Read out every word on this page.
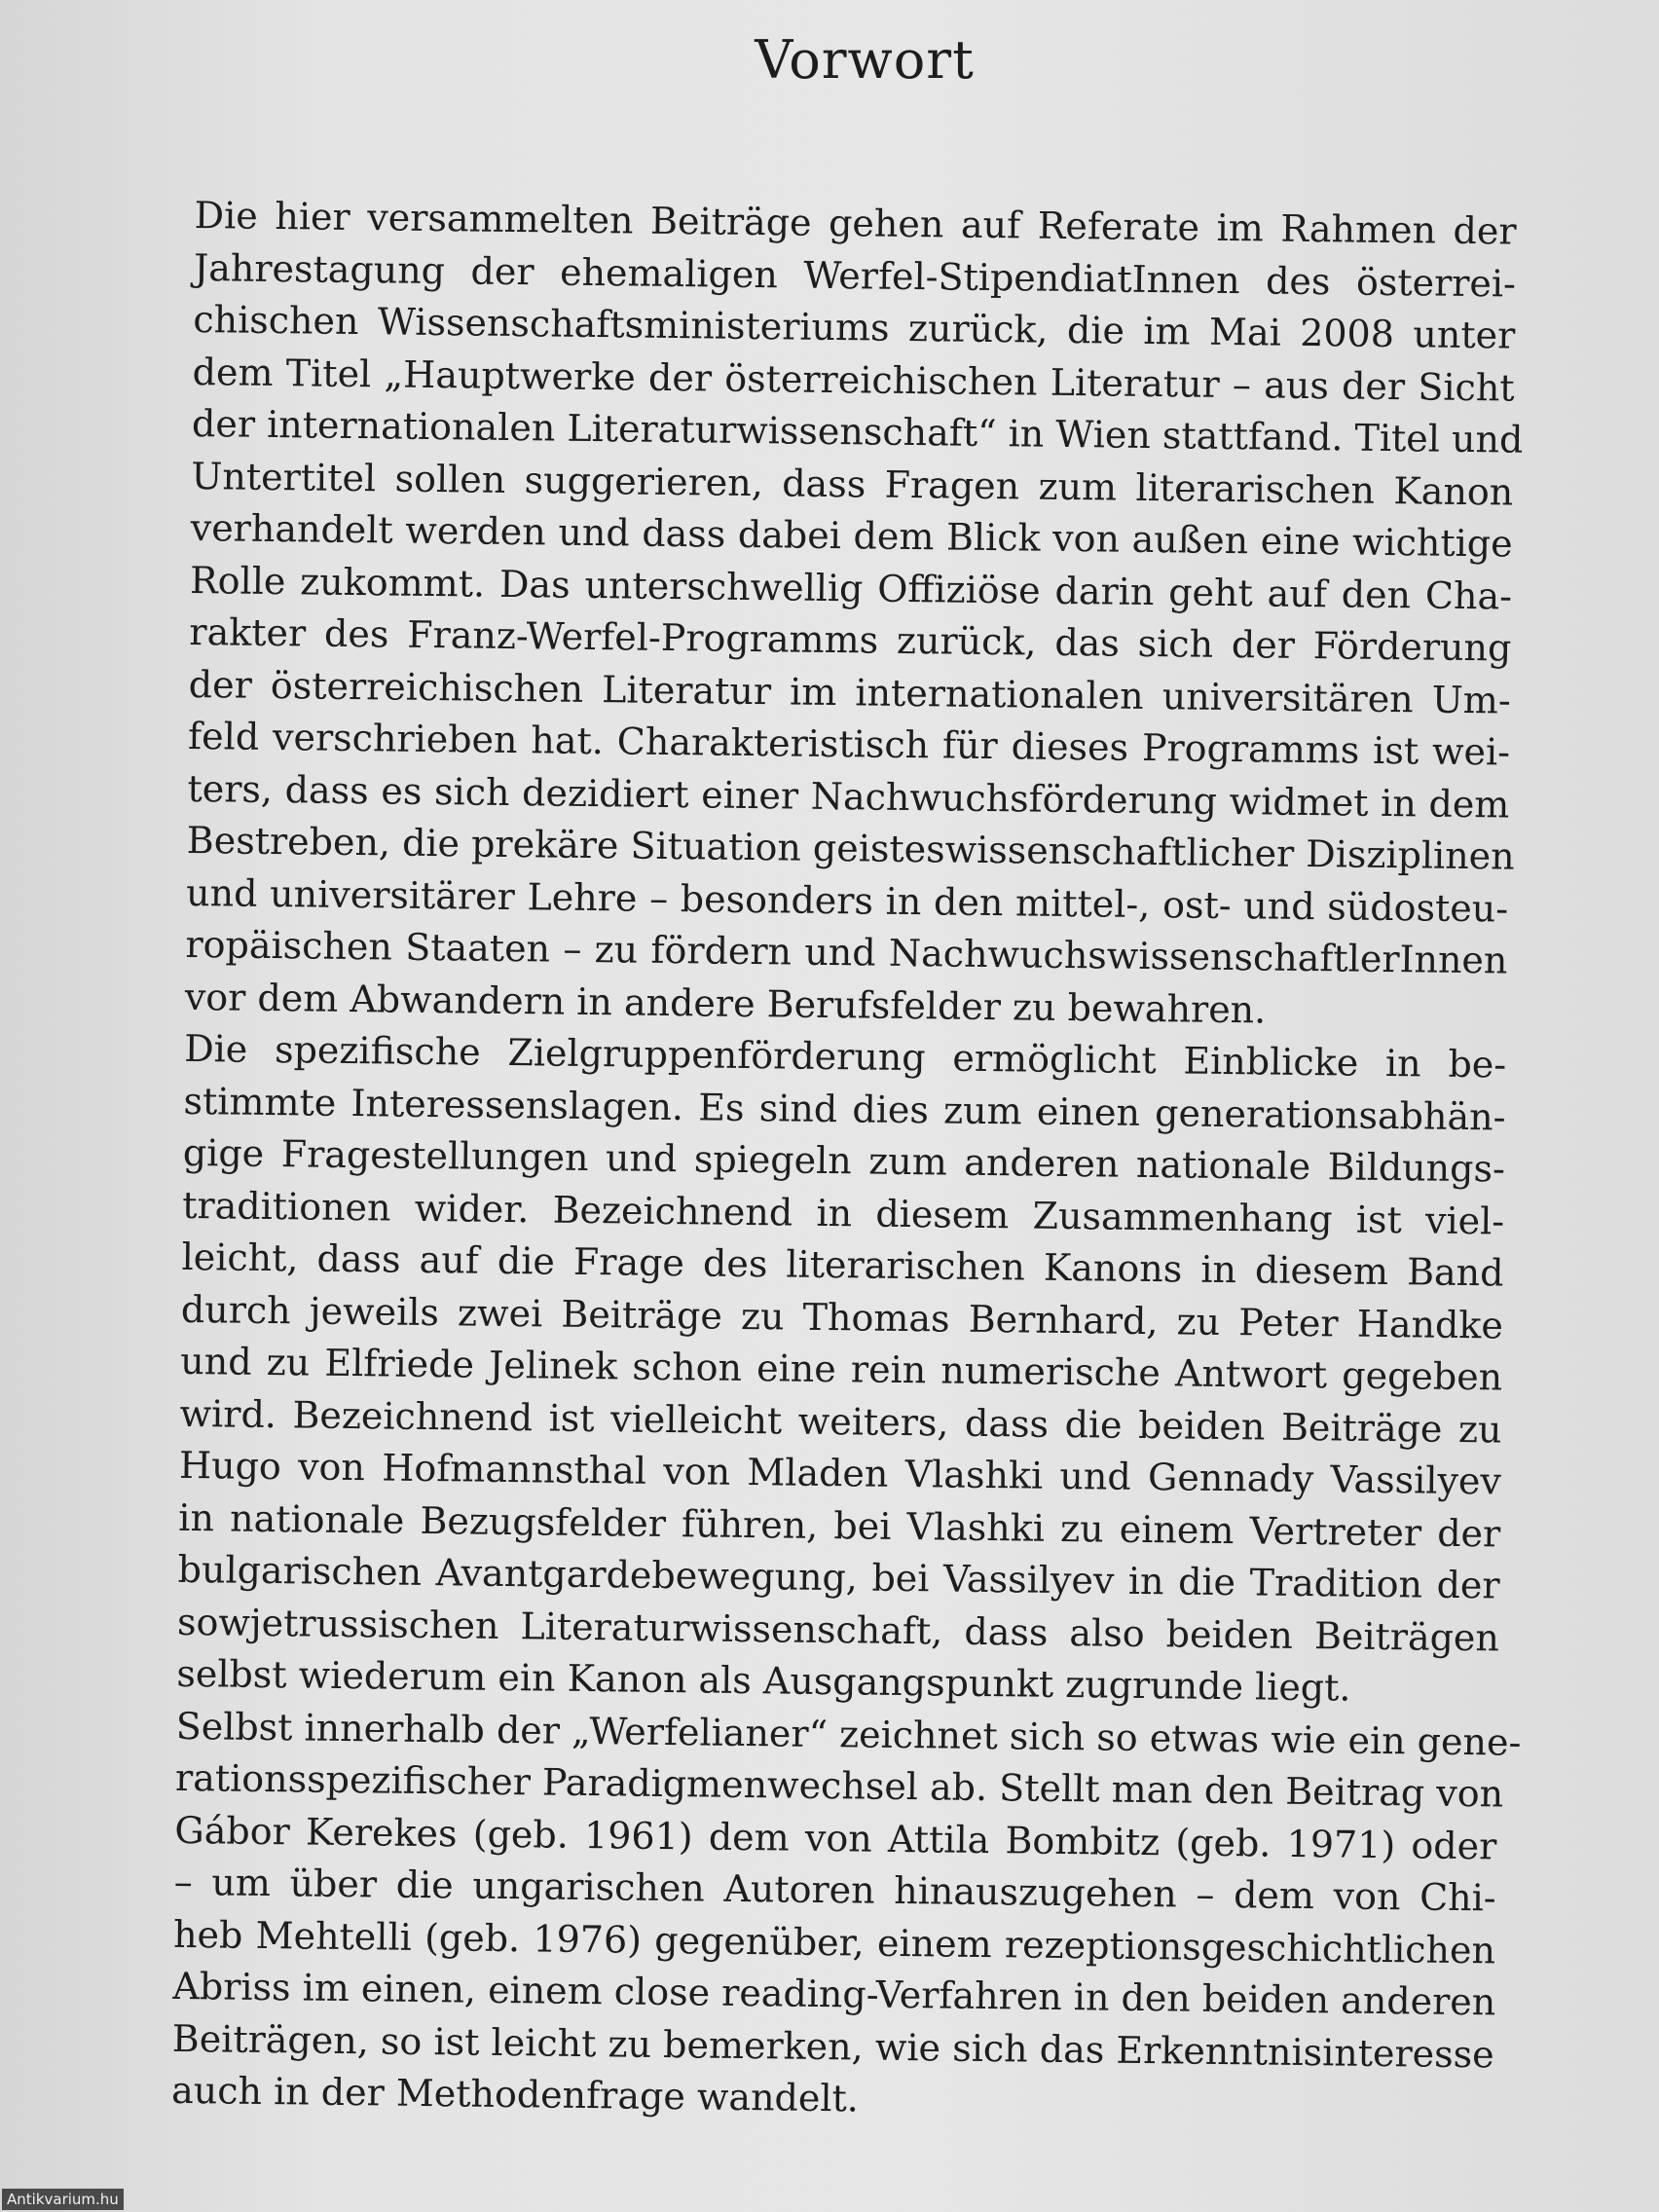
Vorwort

Die hier versammelten Beiträge gehen auf Referate im Rahmen der
Jahrestagung der ehemaligen Werfel-StipendiatInnen des österrei-
chischen Wissenschaftsministeriums zurück, die im Mai 2008 unter
dem Titel „Hauptwerke der österreichischen Literatur – aus der Sicht
der internationalen Literaturwissenschaft“ in Wien stattfand. Titel und
Untertitel sollen suggerieren, dass Fragen zum literarischen Kanon
verhandelt werden und dass dabei dem Blick von außen eine wichtige
Rolle zukommt. Das unterschwellig Offiziöse darin geht auf den Cha-
rakter des Franz-Werfel-Programms zurück, das sich der Förderung
der österreichischen Literatur im internationalen universitären Um-
feld verschrieben hat. Charakteristisch für dieses Programms ist wei-
ters, dass es sich dezidiert einer Nachwuchsförderung widmet in dem
Bestreben, die prekäre Situation geisteswissenschaftlicher Disziplinen
und universitärer Lehre – besonders in den mittel-, ost- und südosteu-
ropäischen Staaten – zu fördern und NachwuchswissenschaftlerInnen
vor dem Abwandern in andere Berufsfelder zu bewahren.

Die spezifische Zielgruppenförderung ermöglicht Einblicke in be-
stimmte Interessenslagen. Es sind dies zum einen generationsabhän-
gige Fragestellungen und spiegeln zum anderen nationale Bildungs-
traditionen wider. Bezeichnend in diesem Zusammenhang ist viel-
leicht, dass auf die Frage des literarischen Kanons in diesem Band
durch jeweils zwei Beiträge zu Thomas Bernhard, zu Peter Handke
und zu Elfriede Jelinek schon eine rein numerische Antwort gegeben
wird. Bezeichnend ist vielleicht weiters, dass die beiden Beiträge zu
Hugo von Hofmannsthal von Mladen Vlashki und Gennady Vassilyev
in nationale Bezugsfelder führen, bei Vlashki zu einem Vertreter der
bulgarischen Avantgardebewegung, bei Vassilyev in die Tradition der
sowjetrussischen Literaturwissenschaft, dass also beiden Beiträgen
selbst wiederum ein Kanon als Ausgangspunkt zugrunde liegt.

Selbst innerhalb der „Werfelianer“ zeichnet sich so etwas wie ein gene-
rationsspezifischer Paradigmenwechsel ab. Stellt man den Beitrag von
Gábor Kerekes (geb. 1961) dem von Attila Bombitz (geb. 1971) oder
– um über die ungarischen Autoren hinauszugehen – dem von Chi-
heb Mehtelli (geb. 1976) gegenüber, einem rezeptionsgeschichtlichen
Abriss im einen, einem close reading-Verfahren in den beiden anderen
Beiträgen, so ist leicht zu bemerken, wie sich das Erkenntnisinteresse
auch in der Methodenfrage wandelt.

Antikvarium.hu
